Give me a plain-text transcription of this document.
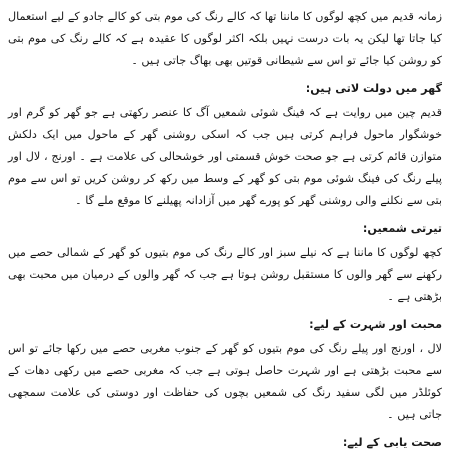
زمانہ قدیم میں کچھ لوگوں کا ماننا تھا کہ کالے رنگ کی موم بتی کو کالے جادو کے لیے استعمال کیا جاتا تھا لیکن یہ بات درست نہیں بلکہ اکثر لوگوں کا عقیدہ ہے کہ کالے رنگ کی موم بتی کو روشن کیا جائے تو اس سے شیطانی قوتیں بھی بھاگ جاتی ہیں ۔

گھر میں دولت لاتی ہیں:

قدیم چین میں روایت ہے کہ فینگ شوئی شمعیں آگ کا عنصر رکھتی ہے جو گھر کو گرم اور خوشگوار ماحول فراہم کرتی ہیں جب کہ اسکی روشنی گھر کے ماحول میں ایک دلکش متوازن قائم کرتی ہے جو صحت خوش قسمتی اور خوشحالی کی علامت ہے ۔ اورنج ، لال اور پیلے رنگ کی فینگ شوئی موم بتی کو گھر کے وسط میں رکھ کر روشن کریں تو اس سے موم بتی سے نکلنے والی روشنی گھر کو پورے گھر میں آزادانہ پھیلنے کا موقع ملے گا ۔

تیرتی شمعیں:

کچھ لوگوں کا ماننا ہے کہ نیلے سبز اور کالے رنگ کی موم بتیوں کو گھر کے شمالی حصے میں رکھنے سے گھر والوں کا مستقبل روشن ہوتا ہے جب کہ گھر والوں کے درمیان میں محبت بھی بڑھتی ہے ۔

محبت اور شہرت کے لیے:

لال ، اورنج اور پیلے رنگ کی موم بتیوں کو گھر کے جنوب مغربی حصے میں رکھا جائے تو اس سے محبت بڑھتی ہے اور شہرت حاصل ہوتی ہے جب کہ مغربی حصے میں رکھی دھات کے کوئلڈر میں لگی سفید رنگ کی شمعیں بچوں کی حفاظت اور دوستی کی علامت سمجھی جاتی ہیں ۔

صحت یابی کے لیے:
